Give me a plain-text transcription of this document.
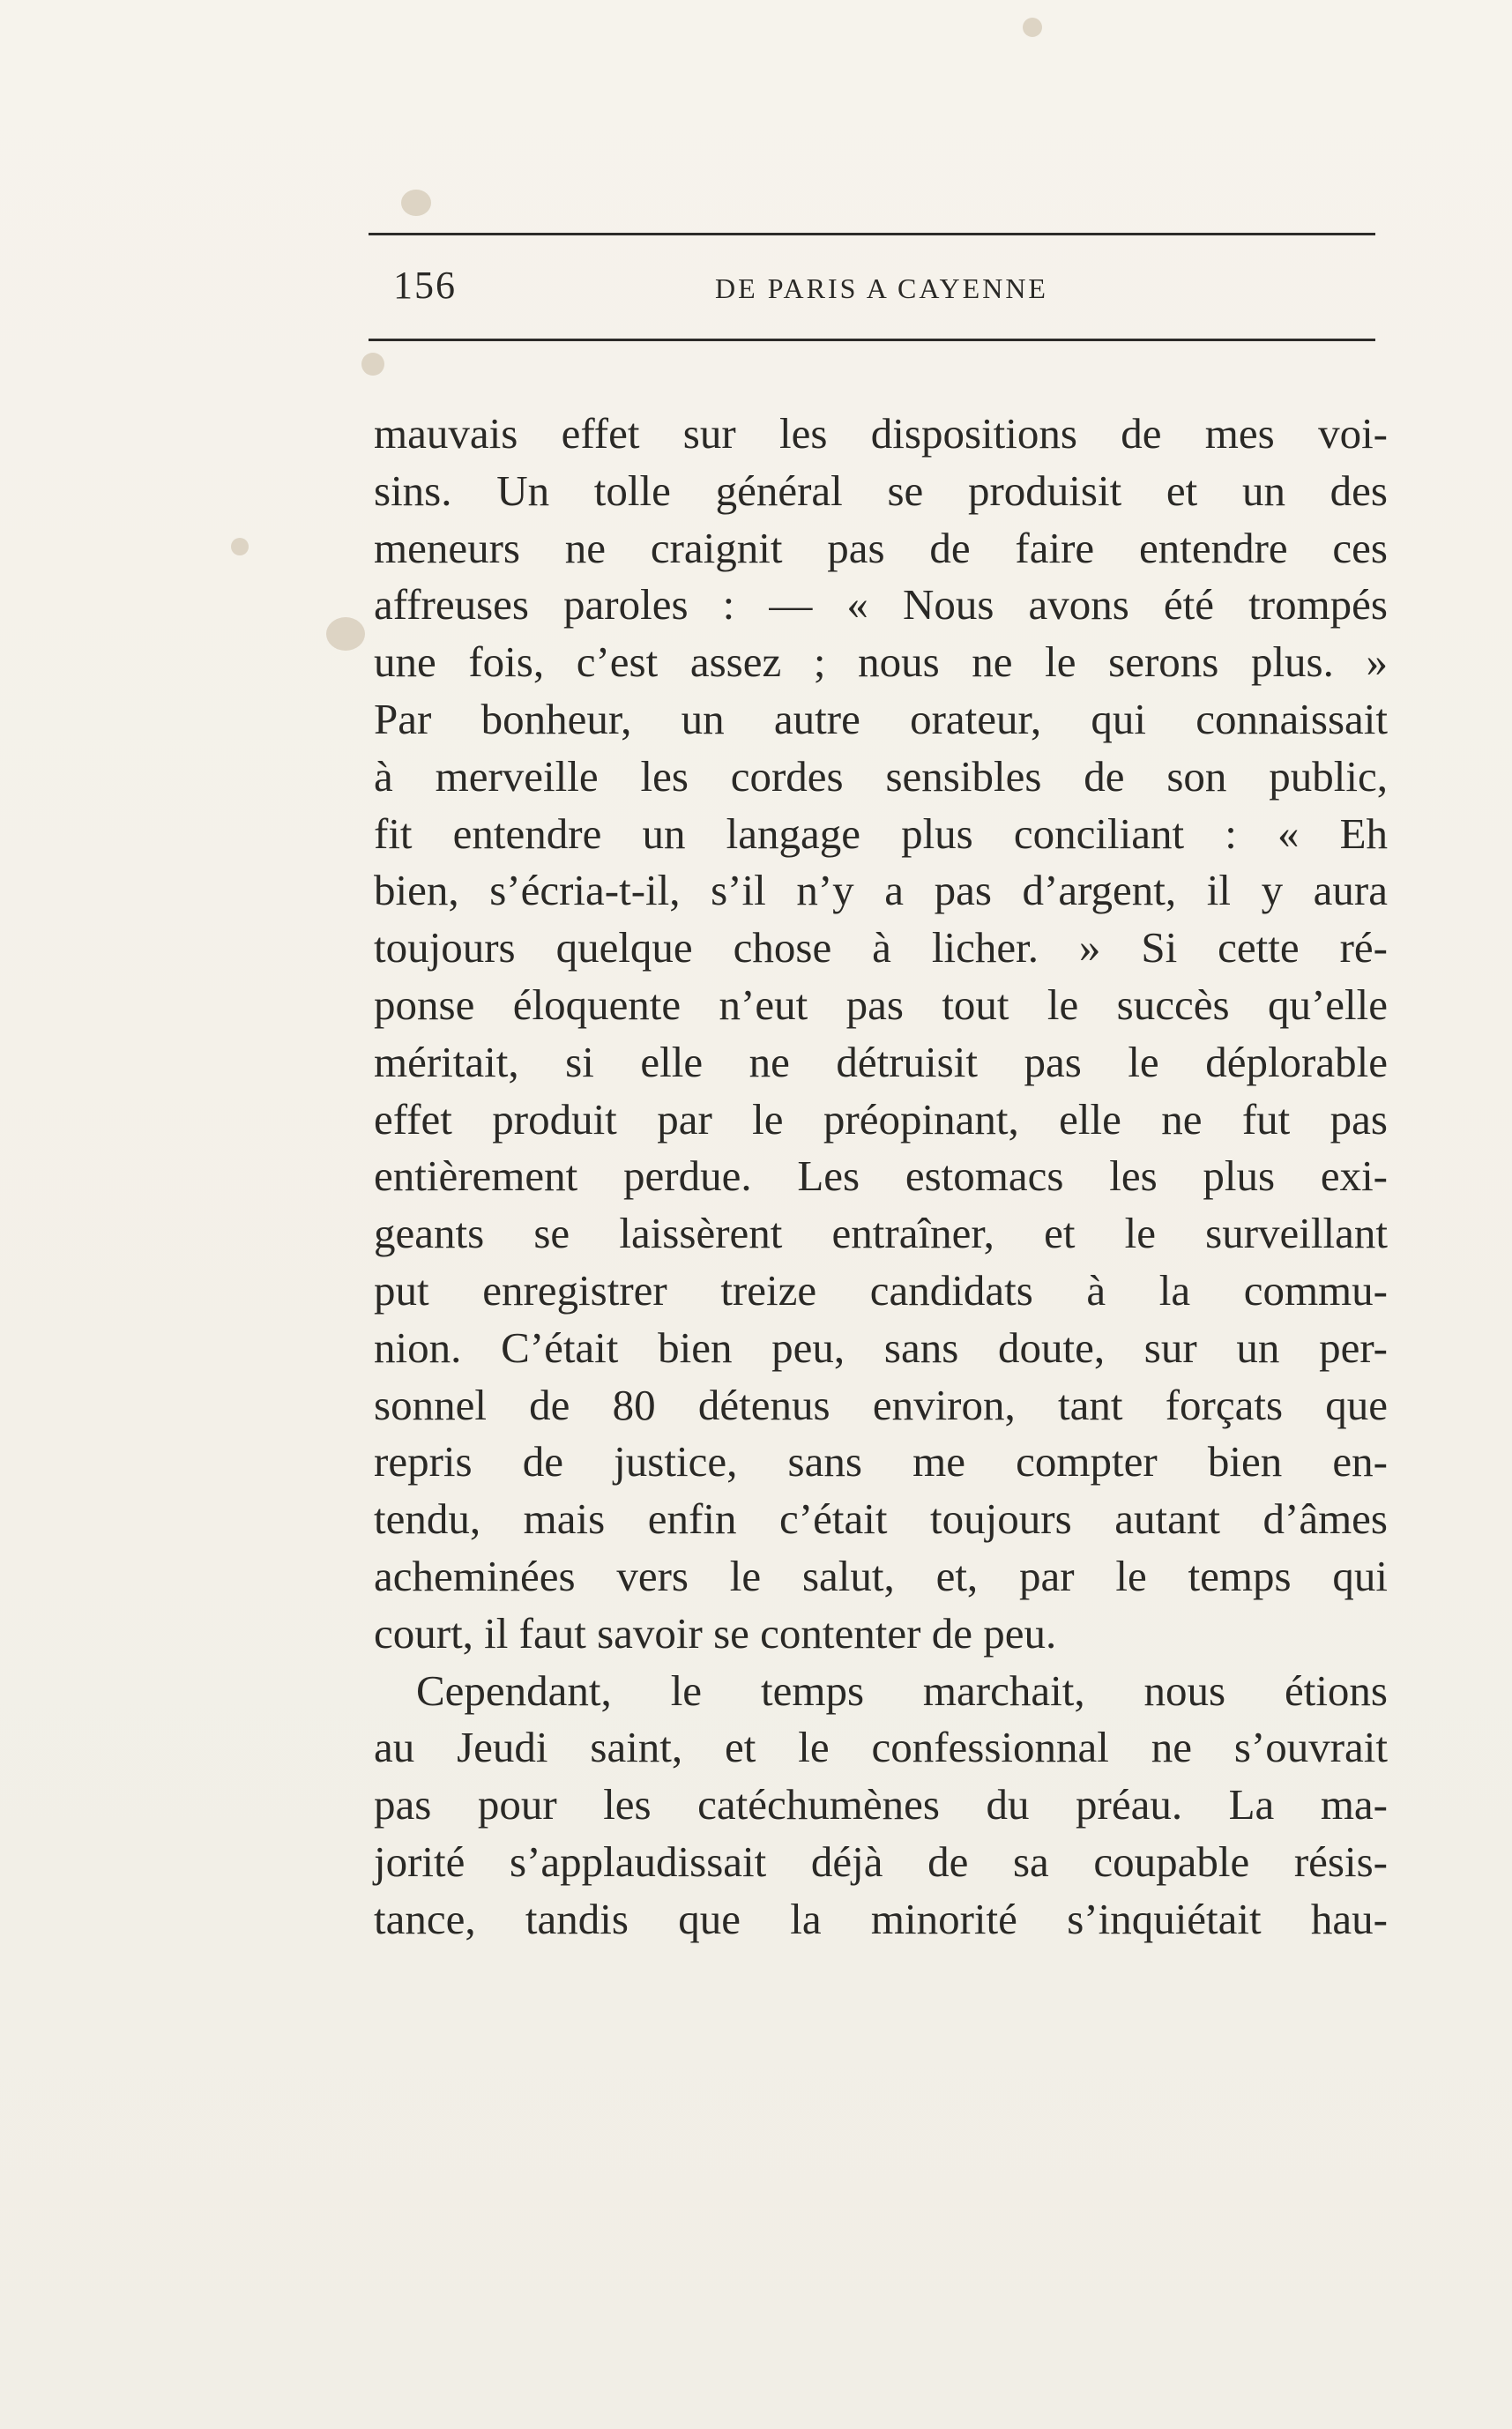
156	DE PARIS A CAYENNE
mauvais effet sur les dispositions de mes voi-
sins. Un tolle général se produisit et un des
meneurs ne craignit pas de faire entendre ces
affreuses paroles : — « Nous avons été trompés
une fois, c’est assez ; nous ne le serons plus. »
Par bonheur, un autre orateur, qui connaissait
à merveille les cordes sensibles de son public,
fit entendre un langage plus conciliant : « Eh
bien, s’écria-t-il, s’il n’y a pas d’argent, il y aura
toujours quelque chose à licher. » Si cette ré-
ponse éloquente n’eut pas tout le succès qu’elle
méritait, si elle ne détruisit pas le déplorable
effet produit par le préopinant, elle ne fut pas
entièrement perdue. Les estomacs les plus exi-
geants se laissèrent entraîner, et le surveillant
put enregistrer treize candidats à la commu-
nion. C’était bien peu, sans doute, sur un per-
sonnel de 80 détenus environ, tant forçats que
repris de justice, sans me compter bien en-
tendu, mais enfin c’était toujours autant d’âmes
acheminées vers le salut, et, par le temps qui
court, il faut savoir se contenter de peu.
Cependant, le temps marchait, nous étions
au Jeudi saint, et le confessionnal ne s’ouvrait
pas pour les catéchumènes du préau. La ma-
jorité s’applaudissait déjà de sa coupable résis-
tance, tandis que la minorité s’inquiétait hau-
